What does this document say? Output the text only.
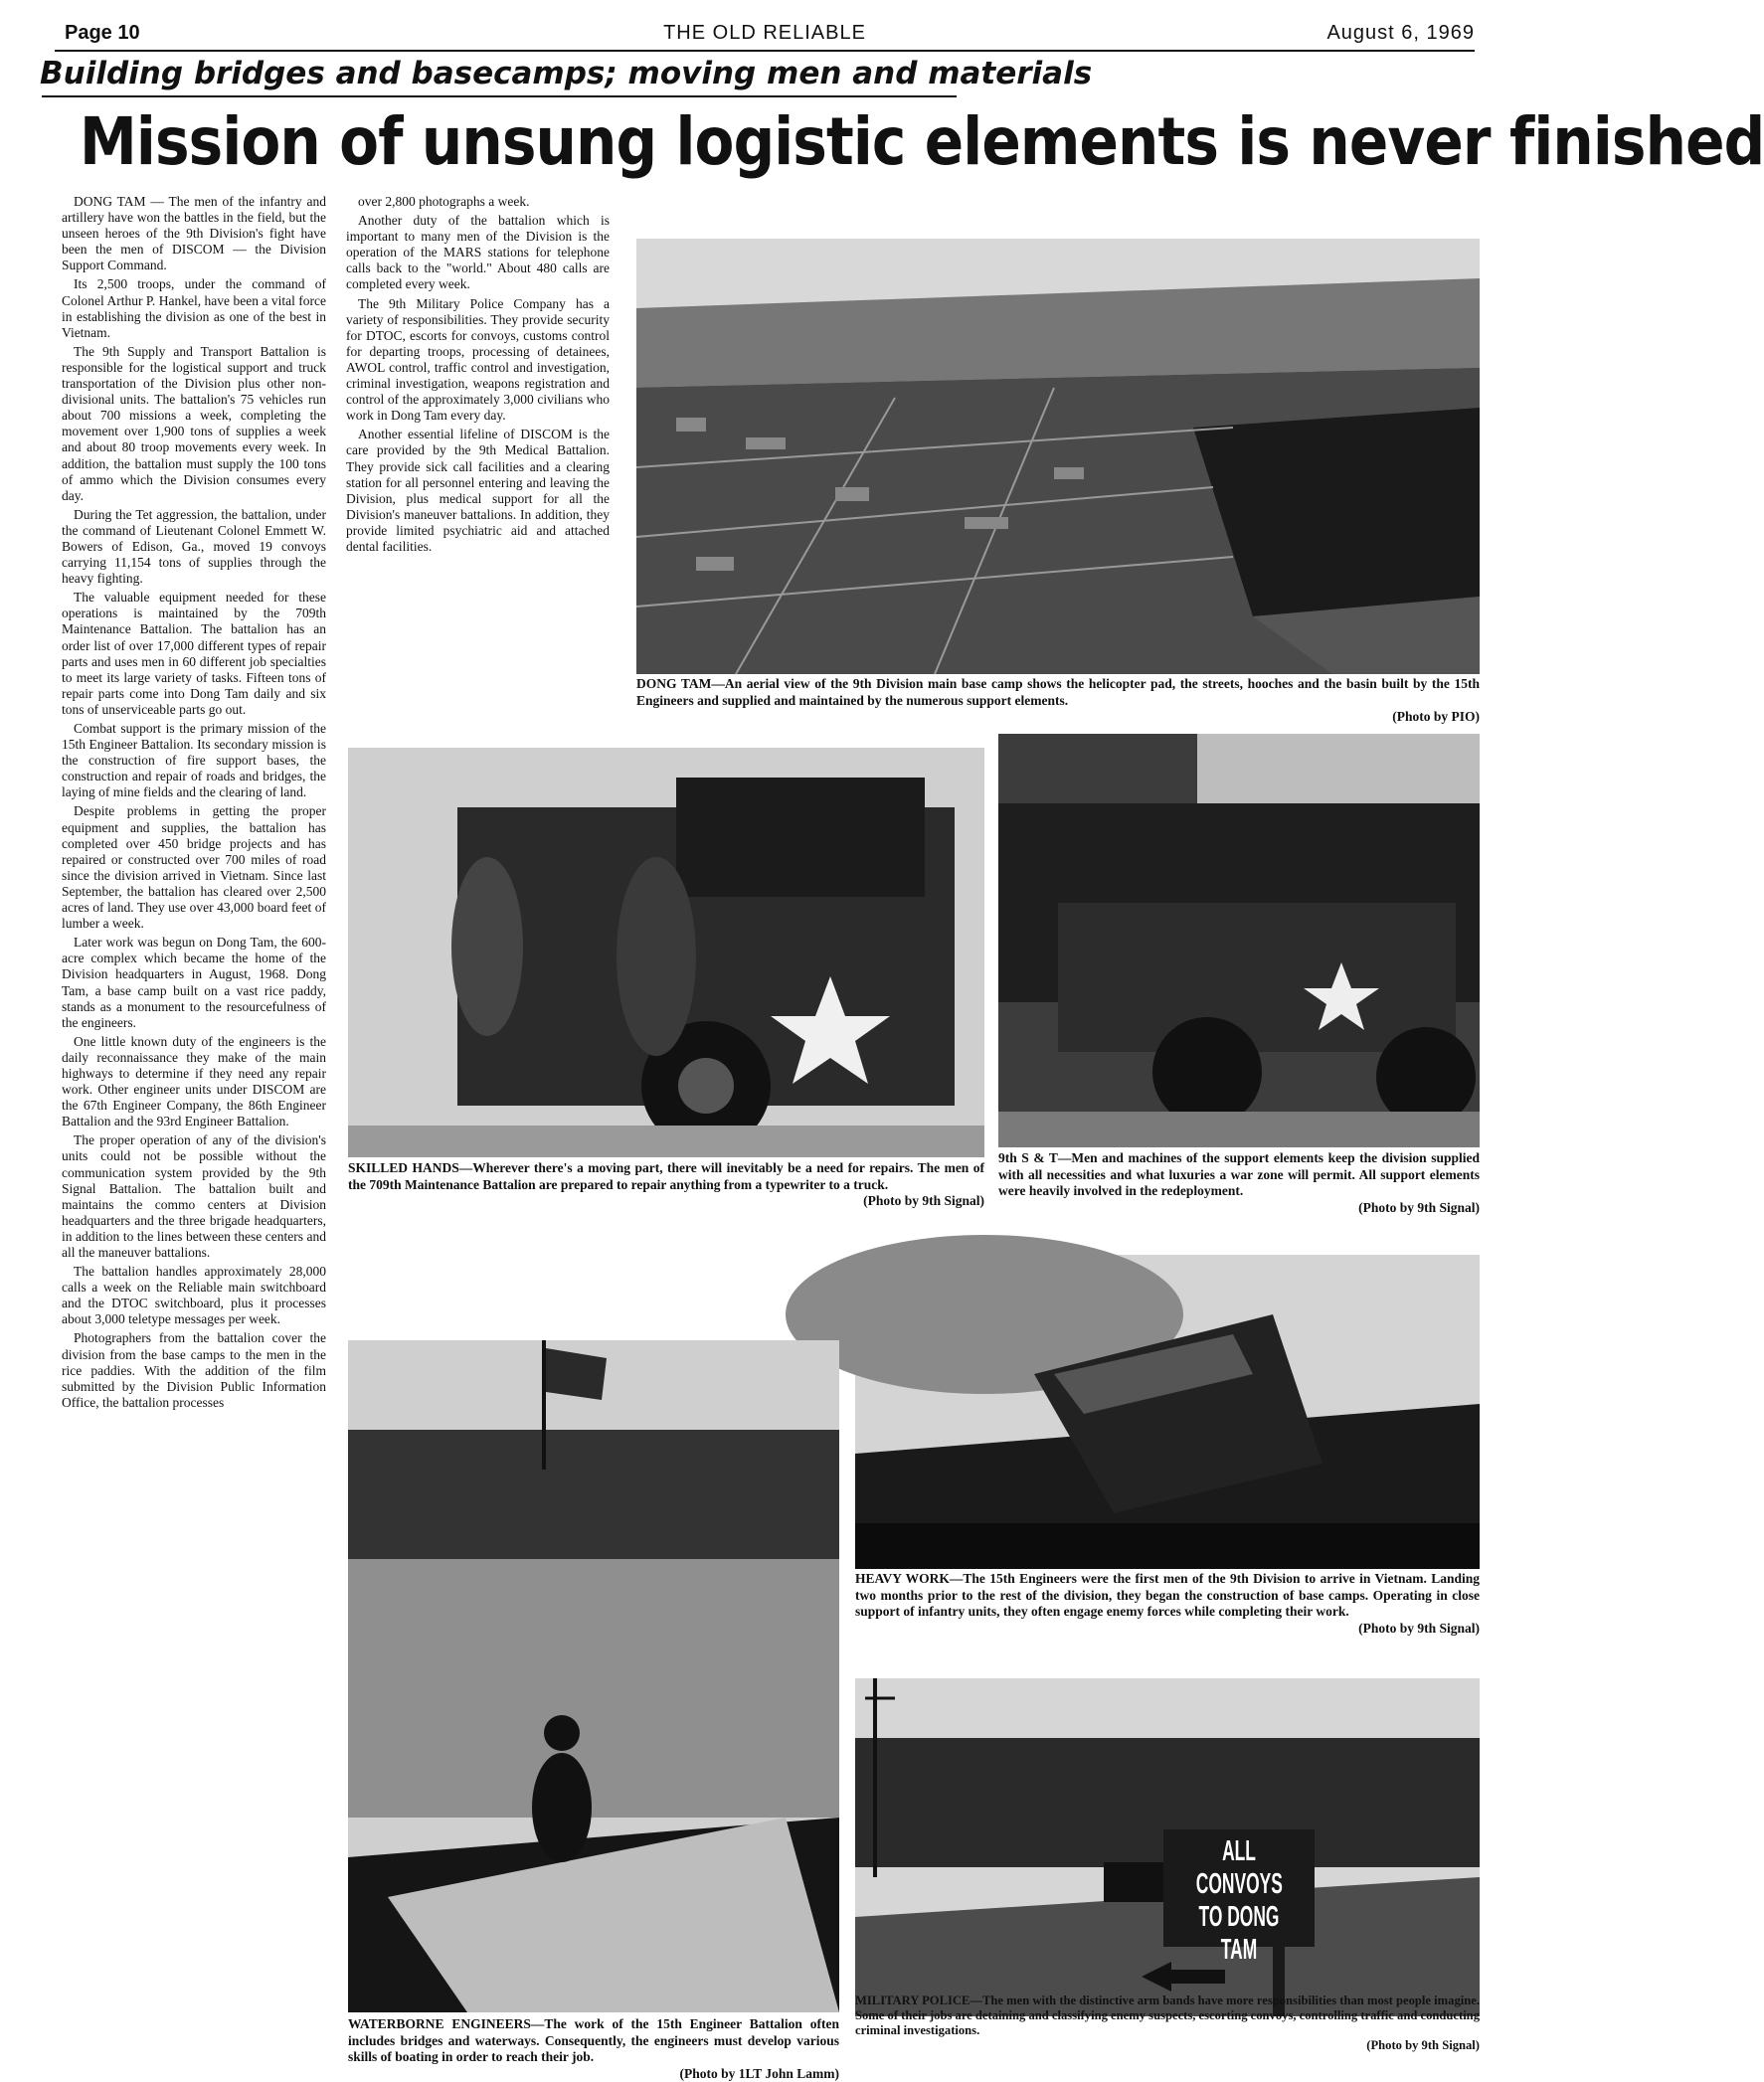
Page 10	THE OLD RELIABLE	August 6, 1969
Building bridges and basecamps; moving men and materials
Mission of unsung logistic elements is never finished

DONG TAM — The men of the infantry and artillery have won the battles in the field, but the unseen heroes of the 9th Division's fight have been the men of DISCOM — the Division Support Command.

Its 2,500 troops, under the command of Colonel Arthur P. Hankel, have been a vital force in establishing the division as one of the best in Vietnam.

The 9th Supply and Transport Battalion is responsible for the logistical support and truck transportation of the Division plus other non-divisional units. The battalion's 75 vehicles run about 700 missions a week, completing the movement over 1,900 tons of supplies a week and about 80 troop movements every week. In addition, the battalion must supply the 100 tons of ammo which the Division consumes every day.

During the Tet aggression, the battalion, under the command of Lieutenant Colonel Emmett W. Bowers of Edison, Ga., moved 19 convoys carrying 11,154 tons of supplies through the heavy fighting.

The valuable equipment needed for these operations is maintained by the 709th Maintenance Battalion. The battalion has an order list of over 17,000 different types of repair parts and uses men in 60 different job specialties to meet its large variety of tasks. Fifteen tons of repair parts come into Dong Tam daily and six tons of unserviceable parts go out.

Combat support is the primary mission of the 15th Engineer Battalion. Its secondary mission is the construction of fire support bases, the construction and repair of roads and bridges, the laying of mine fields and the clearing of land.

Despite problems in getting the proper equipment and supplies, the battalion has completed over 450 bridge projects and has repaired or constructed over 700 miles of road since the division arrived in Vietnam. Since last September, the battalion has cleared over 2,500 acres of land. They use over 43,000 board feet of lumber a week.

Later work was begun on Dong Tam, the 600-acre complex which became the home of the Division headquarters in August, 1968. Dong Tam, a base camp built on a vast rice paddy, stands as a monument to the resourcefulness of the engineers.

One little known duty of the engineers is the daily reconnaissance they make of the main highways to determine if they need any repair work. Other engineer units under DISCOM are the 67th Engineer Company, the 86th Engineer Battalion and the 93rd Engineer Battalion.

The proper operation of any of the division's units could not be possible without the communication system provided by the 9th Signal Battalion. The battalion built and maintains the commo centers at Division headquarters and the three brigade headquarters, in addition to the lines between these centers and all the maneuver battalions.

The battalion handles approximately 28,000 calls a week on the Reliable main switchboard and the DTOC switchboard, plus it processes about 3,000 teletype messages per week.

Photographers from the battalion cover the division from the base camps to the men in the rice paddies. With the addition of the film submitted by the Division Public Information Office, the battalion processes

over 2,800 photographs a week.

Another duty of the battalion which is important to many men of the Division is the operation of the MARS stations for telephone calls back to the "world." About 480 calls are completed every week.

The 9th Military Police Company has a variety of responsibilities. They provide security for DTOC, escorts for convoys, customs control for departing troops, processing of detainees, AWOL control, traffic control and investigation, criminal investigation, weapons registration and control of the approximately 3,000 civilians who work in Dong Tam every day.

Another essential lifeline of DISCOM is the care provided by the 9th Medical Battalion. They provide sick call facilities and a clearing station for all personnel entering and leaving the Division, plus medical support for all the Division's maneuver battalions. In addition, they provide limited psychiatric aid and attached dental facilities.

DONG TAM—An aerial view of the 9th Division main base camp shows the helicopter pad, the streets, hooches and the basin built by the 15th Engineers and supplied and maintained by the numerous support elements.
(Photo by PIO)
SKILLED HANDS—Wherever there's a moving part, there will inevitably be a need for repairs. The men of the 709th Maintenance Battalion are prepared to repair anything from a typewriter to a truck.
(Photo by 9th Signal)
9th S & T—Men and machines of the support elements keep the division supplied with all necessities and what luxuries a war zone will permit. All support elements were heavily involved in the redeployment.
(Photo by 9th Signal)
HEAVY WORK—The 15th Engineers were the first men of the 9th Division to arrive in Vietnam. Landing two months prior to the rest of the division, they began the construction of base camps. Operating in close support of infantry units, they often engage enemy forces while completing their work.
(Photo by 9th Signal)
WATERBORNE ENGINEERS—The work of the 15th Engineer Battalion often includes bridges and waterways. Consequently, the engineers must develop various skills of boating in order to reach their job.
(Photo by 1LT John Lamm)
ALL CONVOYS
TO DONG TAM
MILITARY POLICE—The men with the distinctive arm bands have more responsibilities than most people imagine. Some of their jobs are detaining and classifying enemy suspects, escorting convoys, controlling traffic and conducting criminal investigations.
(Photo by 9th Signal)
